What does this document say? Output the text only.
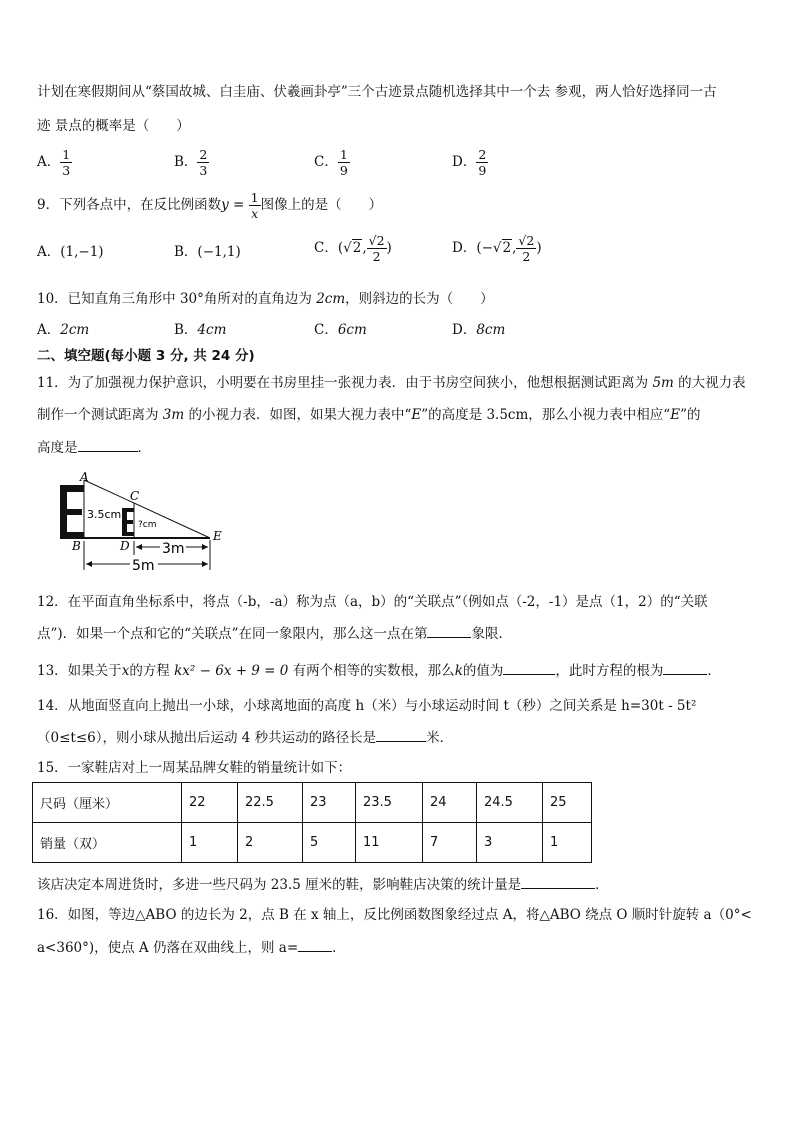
计划在寒假期间从“蔡国故城、白圭庙、伏羲画卦亭”三个古迹景点随机选择其中一个去 参观，两人恰好选择同一古
迹 景点的概率是（　　）
A． $\frac{1}{3}$	B． $\frac{2}{3}$	C． $\frac{1}{9}$	D． $\frac{2}{9}$
9．下列各点中，在反比例函数$y = \frac{1}{x}$ 图像上的是（　　）
A．(1,−1)	B．(−1,1)	C．(√2, $\frac{√2}{2}$ )	D．(−√2, $\frac{√2}{2}$ )
10．已知直角三角形中 30°角所对的直角边为 2cm，则斜边的长为（　　）
A．2cm	B．4cm	C．6cm	D．8cm
二、填空题(每小题 3 分, 共 24 分)
11．为了加强视力保护意识，小明要在书房里挂一张视力表．由于书房空间狭小，他想根据测试距离为 5m 的大视力表
制作一个测试距离为 3m 的小视力表．如图，如果大视力表中“E”的高度是 3.5cm，那么小视力表中相应“E”的
高度是	．
A
B
C
D
E
3.5cm
?cm
3m
5m
12．在平面直角坐标系中，将点（-b，-a）称为点（a，b）的“关联点”（例如点（-2，-1）是点（1，2）的“关联
点”)．如果一个点和它的“关联点”在同一象限内，那么这一点在第	象限．
13．如果关于x的方程 kx² − 6x + 9 = 0 有两个相等的实数根，那么k的值为	，此时方程的根为	．
14．从地面竖直向上抛出一小球，小球离地面的高度 h（米）与小球运动时间 t（秒）之间关系是 h=30t - 5t²
（0≤t≤6），则小球从抛出后运动 4 秒共运动的路径长是	米．
15．一家鞋店对上一周某品牌女鞋的销量统计如下：
尺码（厘米）	22	22.5	23	23.5	24	24.5	25
销量（双）	1	2	5	11	7	3	1
该店决定本周进货时，多进一些尺码为 23.5 厘米的鞋，影响鞋店决策的统计量是	．
16．如图，等边△ABO 的边长为 2，点 B 在 x 轴上，反比例函数图象经过点 A，将△ABO 绕点 O 顺时针旋转 a（0°<
a<360°)，使点 A 仍落在双曲线上，则 a=	．
